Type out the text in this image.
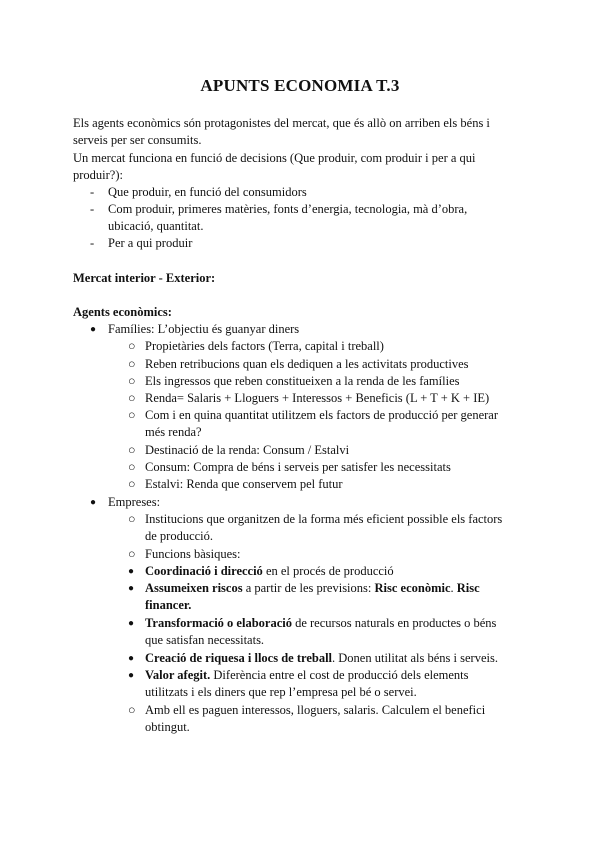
APUNTS ECONOMIA T.3
Els agents econòmics són protagonistes del mercat, que és allò on arriben els béns i
serveis per ser consumits.
Un mercat funciona en funció de decisions (Que produir, com produir i per a qui
produir?):
- Que produir, en funció del consumidors
- Com produir, primeres matèries, fonts d’energia, tecnologia, mà d’obra,
ubicació, quantitat.
- Per a qui produir
Mercat interior - Exterior:
Agents econòmics:
● Famílies: L’objectiu és guanyar diners
○ Propietàries dels factors (Terra, capital i treball)
○ Reben retribucions quan els dediquen a les activitats productives
○ Els ingressos que reben constitueixen a la renda de les famílies
○ Renda= Salaris + Lloguers + Interessos + Beneficis (L + T + K + IE)
○ Com i en quina quantitat utilitzem els factors de producció per generar
més renda?
○ Destinació de la renda: Consum / Estalvi
○ Consum: Compra de béns i serveis per satisfer les necessitats
○ Estalvi: Renda que conservem pel futur
● Empreses:
○ Institucions que organitzen de la forma més eficient possible els factors
de producció.
○ Funcions bàsiques:
● Coordinació i direcció en el procés de producció
● Assumeixen riscos a partir de les previsions: Risc econòmic. Risc
financer.
● Transformació o elaboració de recursos naturals en productes o béns
que satisfan necessitats.
● Creació de riquesa i llocs de treball. Donen utilitat als béns i serveis.
● Valor afegit. Diferència entre el cost de producció dels elements
utilitzats i els diners que rep l’empresa pel bé o servei.
○ Amb ell es paguen interessos, lloguers, salaris. Calculem el benefici
obtingut.
